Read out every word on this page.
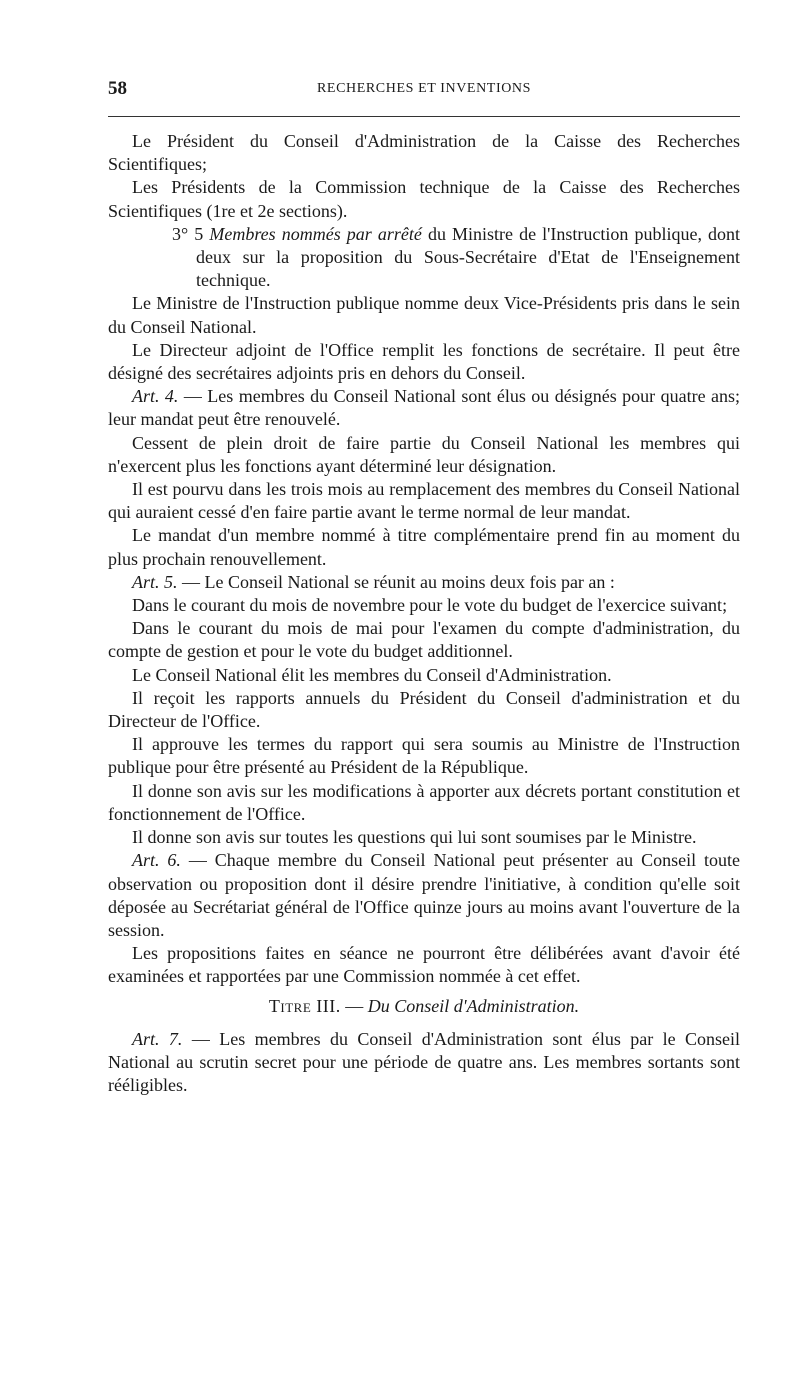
58	RECHERCHES ET INVENTIONS

Le Président du Conseil d'Administration de la Caisse des Recherches Scientifiques;

Les Présidents de la Commission technique de la Caisse des Recherches Scientifiques (1re et 2e sections).

3° 5 Membres nommés par arrêté du Ministre de l'Instruction publique, dont deux sur la proposition du Sous-Secrétaire d'Etat de l'Enseignement technique.

Le Ministre de l'Instruction publique nomme deux Vice-Présidents pris dans le sein du Conseil National.

Le Directeur adjoint de l'Office remplit les fonctions de secrétaire. Il peut être désigné des secrétaires adjoints pris en dehors du Conseil.

Art. 4. — Les membres du Conseil National sont élus ou désignés pour quatre ans; leur mandat peut être renouvelé.

Cessent de plein droit de faire partie du Conseil National les membres qui n'exercent plus les fonctions ayant déterminé leur désignation.

Il est pourvu dans les trois mois au remplacement des membres du Conseil National qui auraient cessé d'en faire partie avant le terme normal de leur mandat.

Le mandat d'un membre nommé à titre complémentaire prend fin au moment du plus prochain renouvellement.

Art. 5. — Le Conseil National se réunit au moins deux fois par an :

Dans le courant du mois de novembre pour le vote du budget de l'exercice suivant;

Dans le courant du mois de mai pour l'examen du compte d'administration, du compte de gestion et pour le vote du budget additionnel.

Le Conseil National élit les membres du Conseil d'Administration.

Il reçoit les rapports annuels du Président du Conseil d'administration et du Directeur de l'Office.

Il approuve les termes du rapport qui sera soumis au Ministre de l'Instruction publique pour être présenté au Président de la République.

Il donne son avis sur les modifications à apporter aux décrets portant constitution et fonctionnement de l'Office.

Il donne son avis sur toutes les questions qui lui sont soumises par le Ministre.

Art. 6. — Chaque membre du Conseil National peut présenter au Conseil toute observation ou proposition dont il désire prendre l'initiative, à condition qu'elle soit déposée au Secrétariat général de l'Office quinze jours au moins avant l'ouverture de la session.

Les propositions faites en séance ne pourront être délibérées avant d'avoir été examinées et rapportées par une Commission nommée à cet effet.

Titre III. — Du Conseil d'Administration.

Art. 7. — Les membres du Conseil d'Administration sont élus par le Conseil National au scrutin secret pour une période de quatre ans. Les membres sortants sont rééligibles.
